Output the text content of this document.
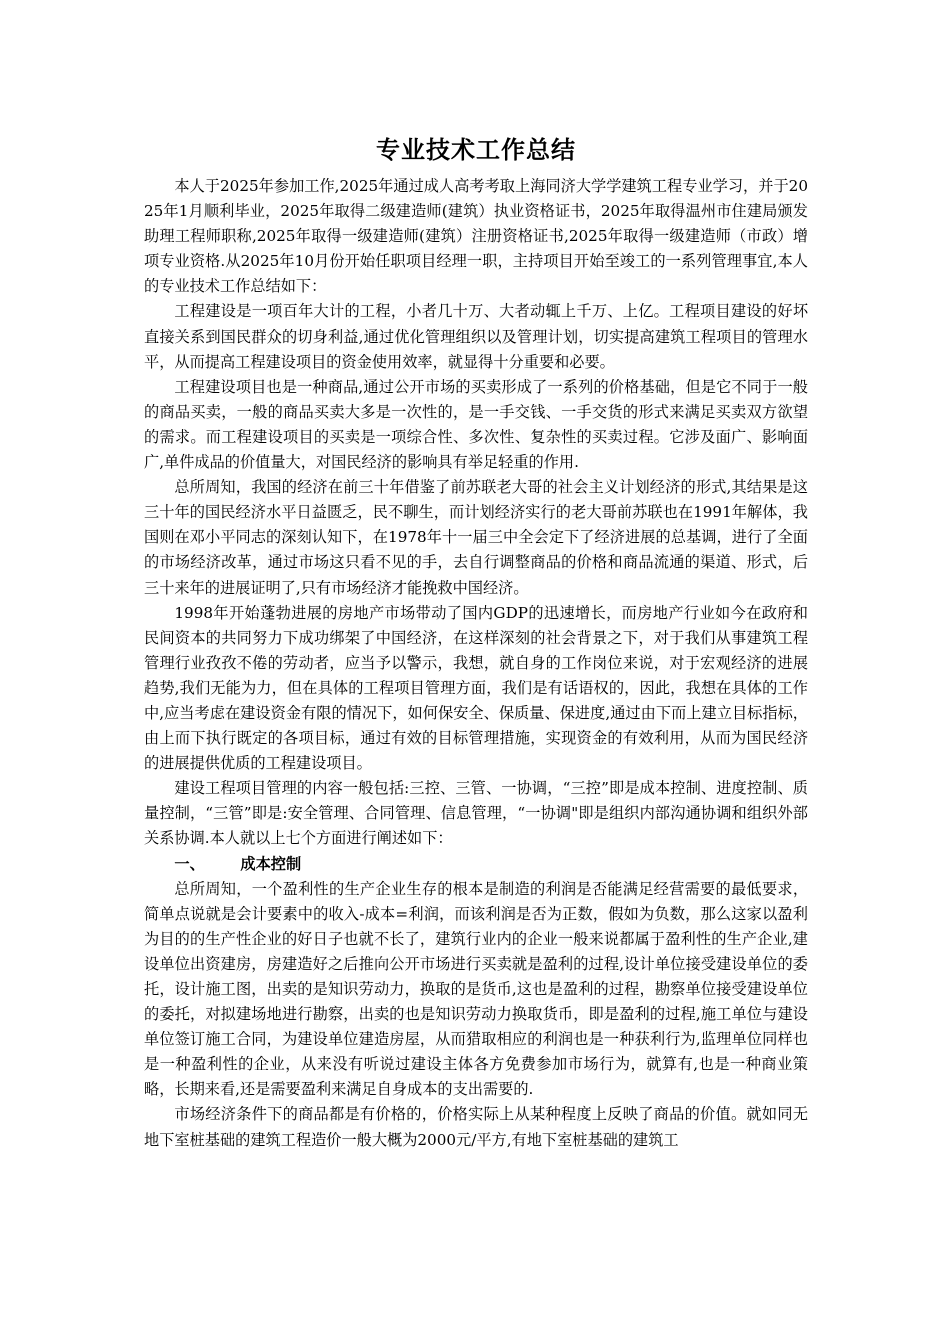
专业技术工作总结

本人于2025年参加工作,2025年通过成人高考考取上海同济大学学建筑工程专业学习，并于2025年1月顺利毕业，2025年取得二级建造师(建筑）执业资格证书，2025年取得温州市住建局颁发助理工程师职称,2025年取得一级建造师(建筑）注册资格证书,2025年取得一级建造师（市政）增项专业资格.从2025年10月份开始任职项目经理一职，主持项目开始至竣工的一系列管理事宜,本人的专业技术工作总结如下：

工程建设是一项百年大计的工程，小者几十万、大者动辄上千万、上亿。工程项目建设的好坏直接关系到国民群众的切身利益,通过优化管理组织以及管理计划，切实提高建筑工程项目的管理水平，从而提高工程建设项目的资金使用效率，就显得十分重要和必要。

工程建设项目也是一种商品,通过公开市场的买卖形成了一系列的价格基础，但是它不同于一般的商品买卖，一般的商品买卖大多是一次性的，是一手交钱、一手交货的形式来满足买卖双方欲望的需求。而工程建设项目的买卖是一项综合性、多次性、复杂性的买卖过程。它涉及面广、影响面广,单件成品的价值量大，对国民经济的影响具有举足轻重的作用.

总所周知，我国的经济在前三十年借鉴了前苏联老大哥的社会主义计划经济的形式,其结果是这三十年的国民经济水平日益匮乏，民不聊生，而计划经济实行的老大哥前苏联也在1991年解体，我国则在邓小平同志的深刻认知下，在1978年十一届三中全会定下了经济进展的总基调，进行了全面的市场经济改革，通过市场这只看不见的手，去自行调整商品的价格和商品流通的渠道、形式，后三十来年的进展证明了,只有市场经济才能挽救中国经济。

1998年开始蓬勃进展的房地产市场带动了国内GDP的迅速增长，而房地产行业如今在政府和民间资本的共同努力下成功绑架了中国经济，在这样深刻的社会背景之下，对于我们从事建筑工程管理行业孜孜不倦的劳动者，应当予以警示，我想，就自身的工作岗位来说，对于宏观经济的进展趋势,我们无能为力，但在具体的工程项目管理方面，我们是有话语权的，因此，我想在具体的工作中,应当考虑在建设资金有限的情况下，如何保安全、保质量、保进度,通过由下而上建立目标指标，由上而下执行既定的各项目标，通过有效的目标管理措施，实现资金的有效利用，从而为国民经济的进展提供优质的工程建设项目。

建设工程项目管理的内容一般包括:三控、三管、一协调，“三控”即是成本控制、进度控制、质量控制，“三管”即是:安全管理、合同管理、信息管理，“一协调"即是组织内部沟通协调和组织外部关系协调.本人就以上七个方面进行阐述如下：

一、 成本控制

总所周知，一个盈利性的生产企业生存的根本是制造的利润是否能满足经营需要的最低要求，简单点说就是会计要素中的收入-成本=利润，而该利润是否为正数，假如为负数，那么这家以盈利为目的的生产性企业的好日子也就不长了，建筑行业内的企业一般来说都属于盈利性的生产企业,建设单位出资建房，房建造好之后推向公开市场进行买卖就是盈利的过程,设计单位接受建设单位的委托，设计施工图，出卖的是知识劳动力，换取的是货币,这也是盈利的过程，勘察单位接受建设单位的委托，对拟建场地进行勘察，出卖的也是知识劳动力换取货币，即是盈利的过程,施工单位与建设单位签订施工合同，为建设单位建造房屋，从而猎取相应的利润也是一种获利行为,监理单位同样也是一种盈利性的企业，从来没有听说过建设主体各方免费参加市场行为，就算有,也是一种商业策略，长期来看,还是需要盈利来满足自身成本的支出需要的.

市场经济条件下的商品都是有价格的，价格实际上从某种程度上反映了商品的价值。就如同无地下室桩基础的建筑工程造价一般大概为2000元/平方,有地下室桩基础的建筑工
